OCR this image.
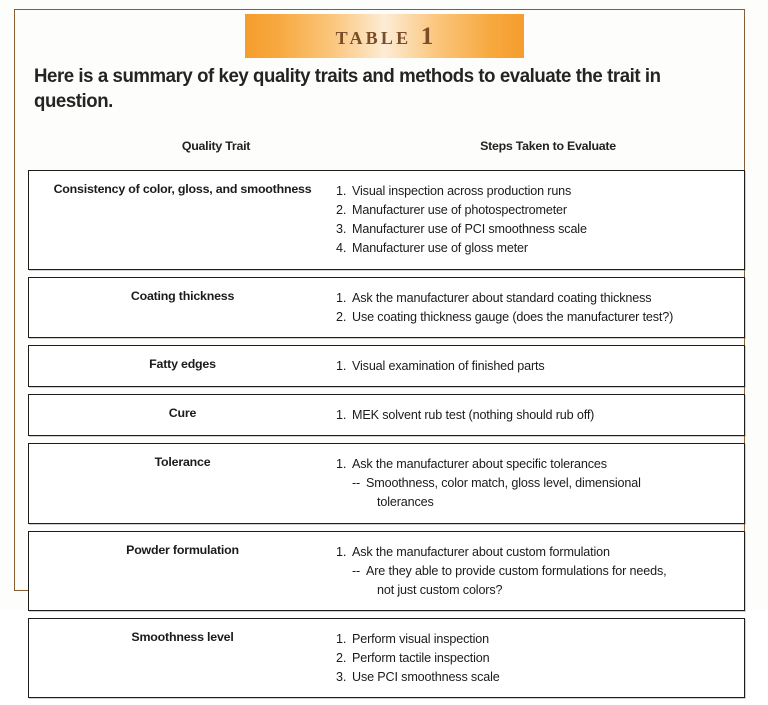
table 1
Here is a summary of key quality traits and methods to evaluate the trait in question.
Quality Trait	Steps Taken to Evaluate
Consistency of color, gloss, and smoothness	1. Visual inspection across production runs
2. Manufacturer use of photospectrometer
3. Manufacturer use of PCI smoothness scale
4. Manufacturer use of gloss meter
Coating thickness	1. Ask the manufacturer about standard coating thickness
2. Use coating thickness gauge (does the manufacturer test?)
Fatty edges	1. Visual examination of finished parts
Cure	1. MEK solvent rub test (nothing should rub off)
Tolerance	1. Ask the manufacturer about specific tolerances
-- Smoothness, color match, gloss level, dimensional
tolerances
Powder formulation	1. Ask the manufacturer about custom formulation
-- Are they able to provide custom formulations for needs,
not just custom colors?
Smoothness level	1. Perform visual inspection
2. Perform tactile inspection
3. Use PCI smoothness scale
